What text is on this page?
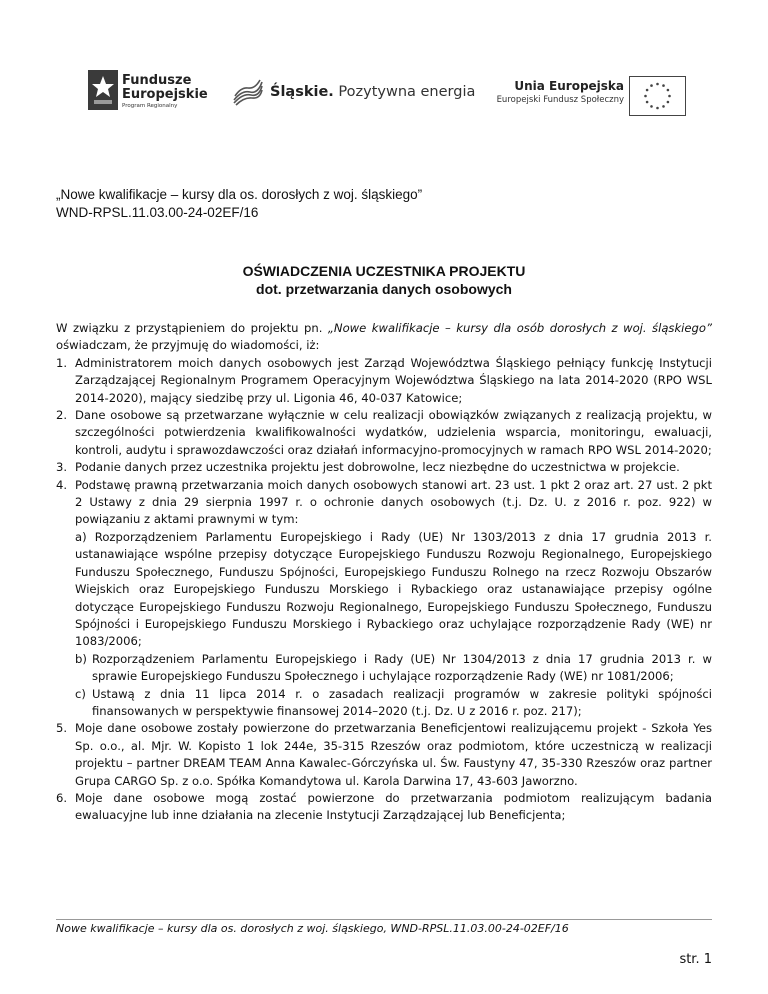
Fundusze
Europejskie
Program Regionalny
Śląskie. Pozytywna energia	Unia Europejska
Europejski Fundusz Społeczny
„Nowe kwalifikacje – kursy dla os. dorosłych z woj. śląskiego”
WND-RPSL.11.03.00-24-02EF/16
OŚWIADCZENIA UCZESTNIKA PROJEKTU
dot. przetwarzania danych osobowych
W związku z przystąpieniem do projektu pn. „Nowe kwalifikacje – kursy dla osób dorosłych z woj. śląskiego” oświadczam, że przyjmuję do wiadomości, iż:
1. Administratorem moich danych osobowych jest Zarząd Województwa Śląskiego pełniący funkcję Instytucji Zarządzającej Regionalnym Programem Operacyjnym Województwa Śląskiego na lata 2014-2020 (RPO WSL 2014-2020), mający siedzibę przy ul. Ligonia 46, 40-037 Katowice;
2. Dane osobowe są przetwarzane wyłącznie w celu realizacji obowiązków związanych z realizacją projektu, w szczególności potwierdzenia kwalifikowalności wydatków, udzielenia wsparcia, monitoringu, ewaluacji, kontroli, audytu i sprawozdawczości oraz działań informacyjno-promocyjnych w ramach RPO WSL 2014-2020;
3. Podanie danych przez uczestnika projektu jest dobrowolne, lecz niezbędne do uczestnictwa w projekcie.
4. Podstawę prawną przetwarzania moich danych osobowych stanowi art. 23 ust. 1 pkt 2 oraz art. 27 ust. 2 pkt 2 Ustawy z dnia 29 sierpnia 1997 r. o ochronie danych osobowych (t.j. Dz. U. z 2016 r. poz. 922) w powiązaniu z aktami prawnymi w tym:
a) Rozporządzeniem Parlamentu Europejskiego i Rady (UE) Nr 1303/2013 z dnia 17 grudnia 2013 r. ustanawiające wspólne przepisy dotyczące Europejskiego Funduszu Rozwoju Regionalnego, Europejskiego Funduszu Społecznego, Funduszu Spójności, Europejskiego Funduszu Rolnego na rzecz Rozwoju Obszarów Wiejskich oraz Europejskiego Funduszu Morskiego i Rybackiego oraz ustanawiające przepisy ogólne dotyczące Europejskiego Funduszu Rozwoju Regionalnego, Europejskiego Funduszu Społecznego, Funduszu Spójności i Europejskiego Funduszu Morskiego i Rybackiego oraz uchylające rozporządzenie Rady (WE) nr 1083/2006;
b) Rozporządzeniem Parlamentu Europejskiego i Rady (UE) Nr 1304/2013 z dnia 17 grudnia 2013 r. w sprawie Europejskiego Funduszu Społecznego i uchylające rozporządzenie Rady (WE) nr 1081/2006;
c) Ustawą z dnia 11 lipca 2014 r. o zasadach realizacji programów w zakresie polityki spójności finansowanych w perspektywie finansowej 2014–2020 (t.j. Dz. U z 2016 r. poz. 217);
5. Moje dane osobowe zostały powierzone do przetwarzania Beneficjentowi realizującemu projekt - Szkoła Yes Sp. o.o., al. Mjr. W. Kopisto 1 lok 244e, 35-315 Rzeszów oraz podmiotom, które uczestniczą w realizacji projektu – partner DREAM TEAM Anna Kawalec-Górczyńska ul. Św. Faustyny 47, 35-330 Rzeszów oraz partner Grupa CARGO Sp. z o.o. Spółka Komandytowa ul. Karola Darwina 17, 43-603 Jaworzno.
6. Moje dane osobowe mogą zostać powierzone do przetwarzania podmiotom realizującym badania ewaluacyjne lub inne działania na zlecenie Instytucji Zarządzającej lub Beneficjenta;
Nowe kwalifikacje – kursy dla os. dorosłych z woj. śląskiego, WND-RPSL.11.03.00-24-02EF/16
str. 1
